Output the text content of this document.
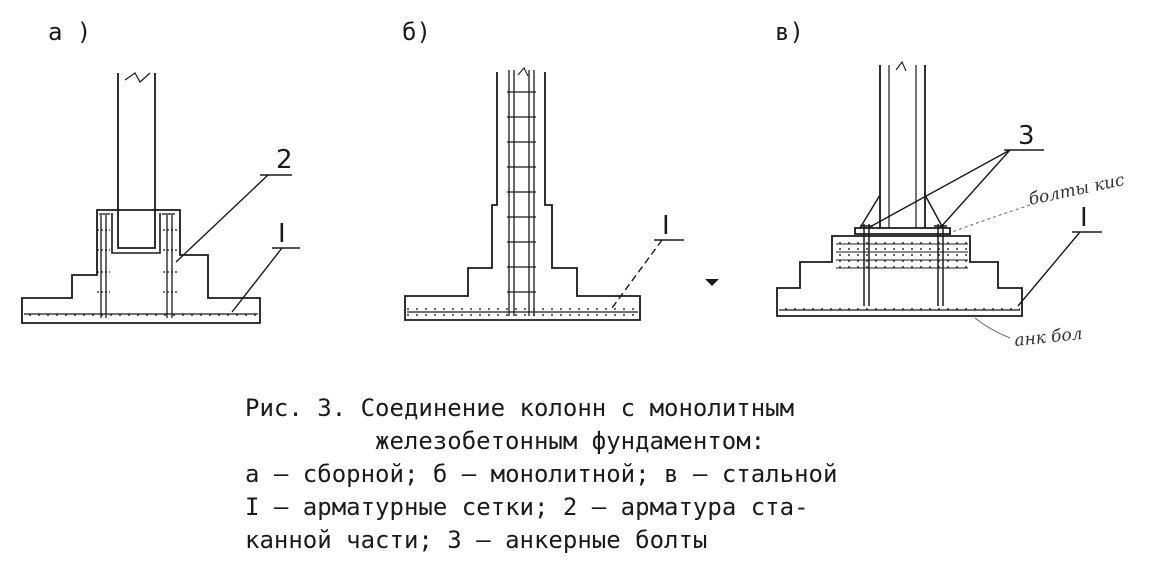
а )
2
I
б)
I
в)
3
I
болты кис
анк бол
Рис. 3. Соединение колонн с монолитным
железобетонным фундаментом:
а – сборной; б – монолитной; в – стальной
I – арматурные сетки; 2 – арматура ста-
канной части; 3 – анкерные болты
